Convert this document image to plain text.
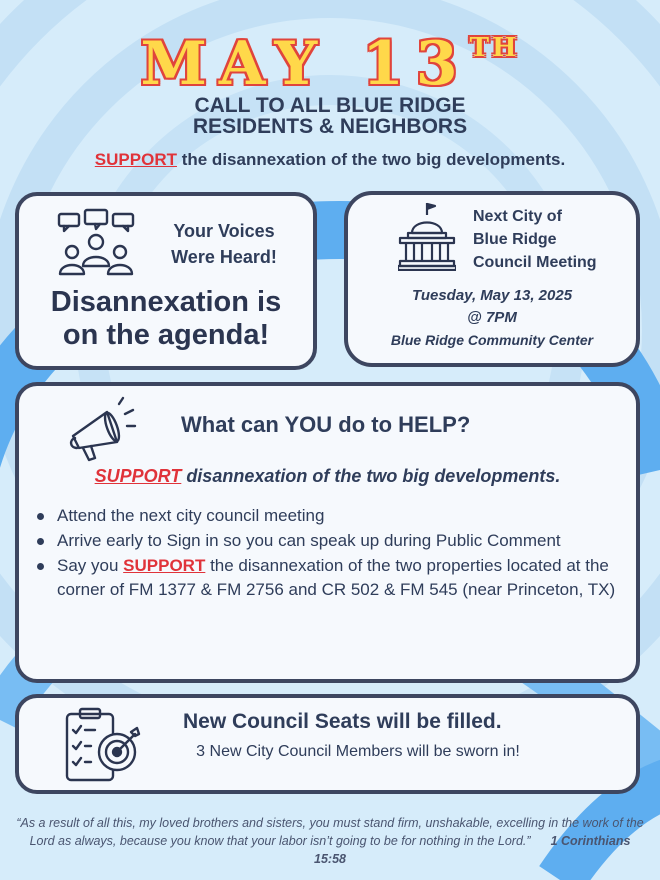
MAY 13TH
CALL TO ALL BLUE RIDGE
RESIDENTS & NEIGHBORS
SUPPORT the disannexation of the two big developments.
Your Voices
Were Heard!
Disannexation is
on the agenda!
Next City of
Blue Ridge
Council Meeting
Tuesday, May 13, 2025
@ 7PM
Blue Ridge Community Center
What can YOU do to HELP?
SUPPORT disannexation of the two big developments.
Attend the next city council meeting
Arrive early to Sign in so you can speak up during Public Comment
Say you SUPPORT the disannexation of the two properties located at the corner of FM 1377 & FM 2756 and CR 502 & FM 545 (near Princeton, TX)
New Council Seats will be filled.
3 New City Council Members will be sworn in!
“As a result of all this, my loved brothers and sisters, you must stand firm, unshakable, excelling in the work of the Lord as always, because you know that your labor isn’t going to be for nothing in the Lord.” 1 Corinthians 15:58
